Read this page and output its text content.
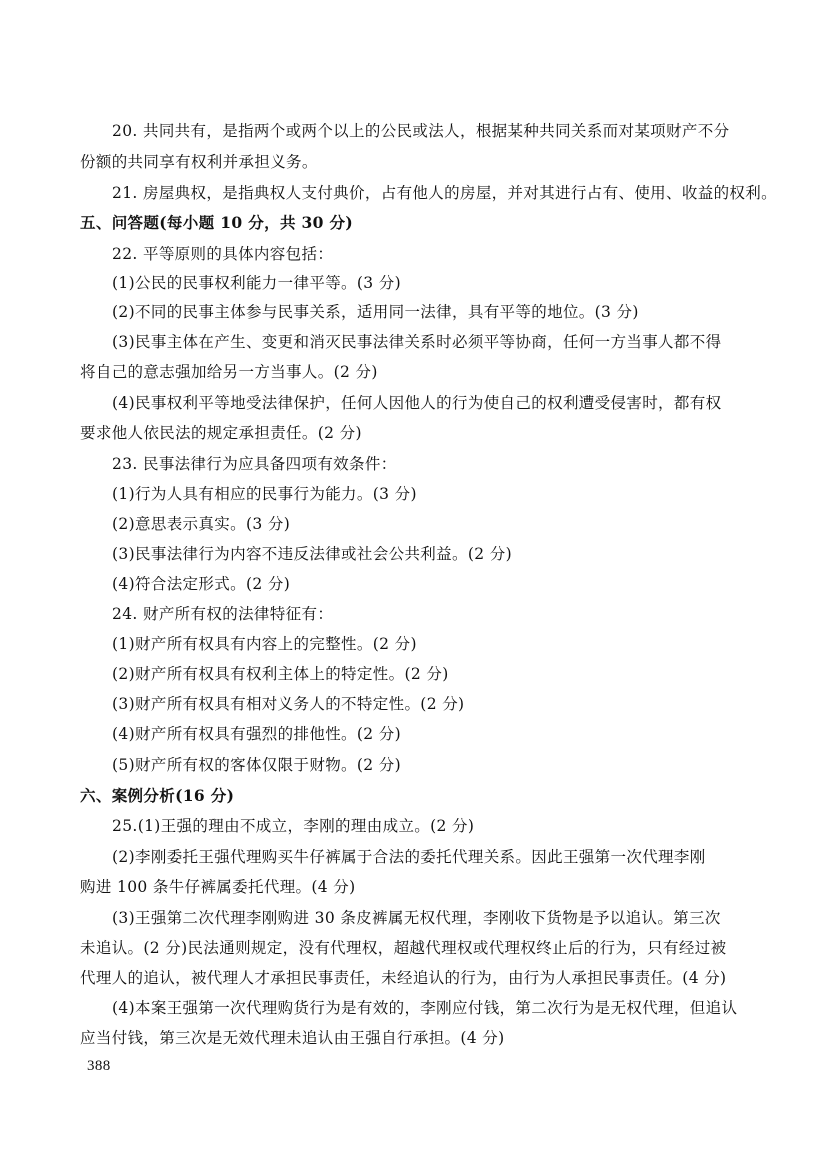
20. 共同共有，是指两个或两个以上的公民或法人，根据某种共同关系而对某项财产不分
份额的共同享有权利并承担义务。
21. 房屋典权，是指典权人支付典价，占有他人的房屋，并对其进行占有、使用、收益的权利。
五、问答题(每小题 10 分，共 30 分)
22. 平等原则的具体内容包括：
(1)公民的民事权利能力一律平等。(3 分)
(2)不同的民事主体参与民事关系，适用同一法律，具有平等的地位。(3 分)
(3)民事主体在产生、变更和消灭民事法律关系时必须平等协商，任何一方当事人都不得
将自己的意志强加给另一方当事人。(2 分)
(4)民事权利平等地受法律保护，任何人因他人的行为使自己的权利遭受侵害时，都有权
要求他人依民法的规定承担责任。(2 分)
23. 民事法律行为应具备四项有效条件：
(1)行为人具有相应的民事行为能力。(3 分)
(2)意思表示真实。(3 分)
(3)民事法律行为内容不违反法律或社会公共利益。(2 分)
(4)符合法定形式。(2 分)
24. 财产所有权的法律特征有：
(1)财产所有权具有内容上的完整性。(2 分)
(2)财产所有权具有权利主体上的特定性。(2 分)
(3)财产所有权具有相对义务人的不特定性。(2 分)
(4)财产所有权具有强烈的排他性。(2 分)
(5)财产所有权的客体仅限于财物。(2 分)
六、案例分析(16 分)
25.(1)王强的理由不成立，李刚的理由成立。(2 分)
(2)李刚委托王强代理购买牛仔裤属于合法的委托代理关系。因此王强第一次代理李刚
购进 100 条牛仔裤属委托代理。(4 分)
(3)王强第二次代理李刚购进 30 条皮裤属无权代理，李刚收下货物是予以追认。第三次
未追认。(2 分)民法通则规定，没有代理权，超越代理权或代理权终止后的行为，只有经过被
代理人的追认，被代理人才承担民事责任，未经追认的行为，由行为人承担民事责任。(4 分)
(4)本案王强第一次代理购货行为是有效的，李刚应付钱，第二次行为是无权代理，但追认
应当付钱，第三次是无效代理未追认由王强自行承担。(4 分)
388
